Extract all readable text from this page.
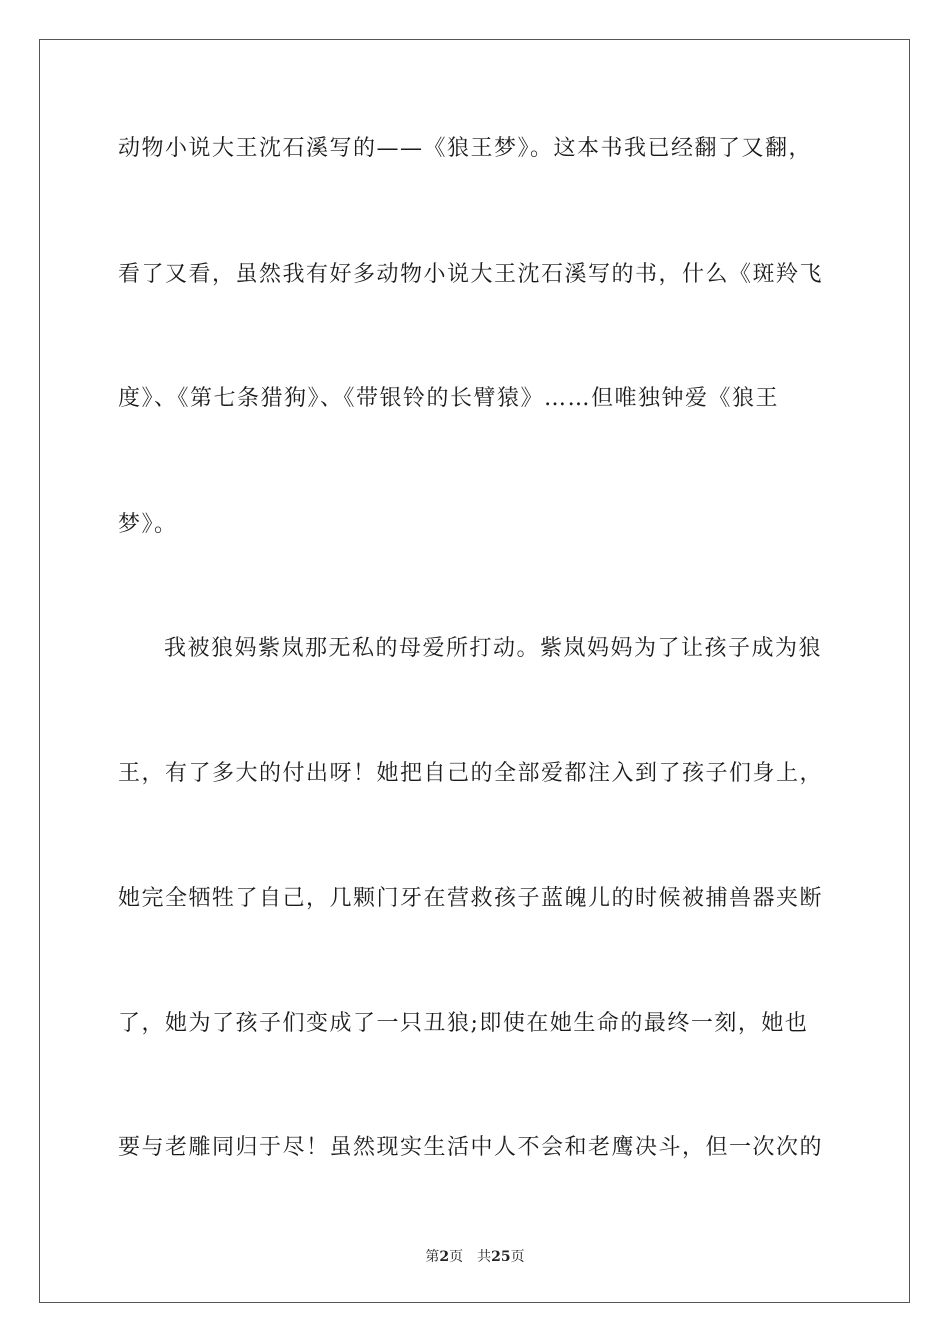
动物小说大王沈石溪写的——《狼王梦》。这本书我已经翻了又翻，
看了又看，虽然我有好多动物小说大王沈石溪写的书，什么《斑羚飞
度》、《第七条猎狗》、《带银铃的长臂猿》……但唯独钟爱《狼王
梦》。
我被狼妈紫岚那无私的母爱所打动。紫岚妈妈为了让孩子成为狼
王，有了多大的付出呀！她把自己的全部爱都注入到了孩子们身上，
她完全牺牲了自己，几颗门牙在营救孩子蓝魄儿的时候被捕兽器夹断
了，她为了孩子们变成了一只丑狼;即使在她生命的最终一刻，她也
要与老雕同归于尽！虽然现实生活中人不会和老鹰决斗，但一次次的
第2页 共25页
